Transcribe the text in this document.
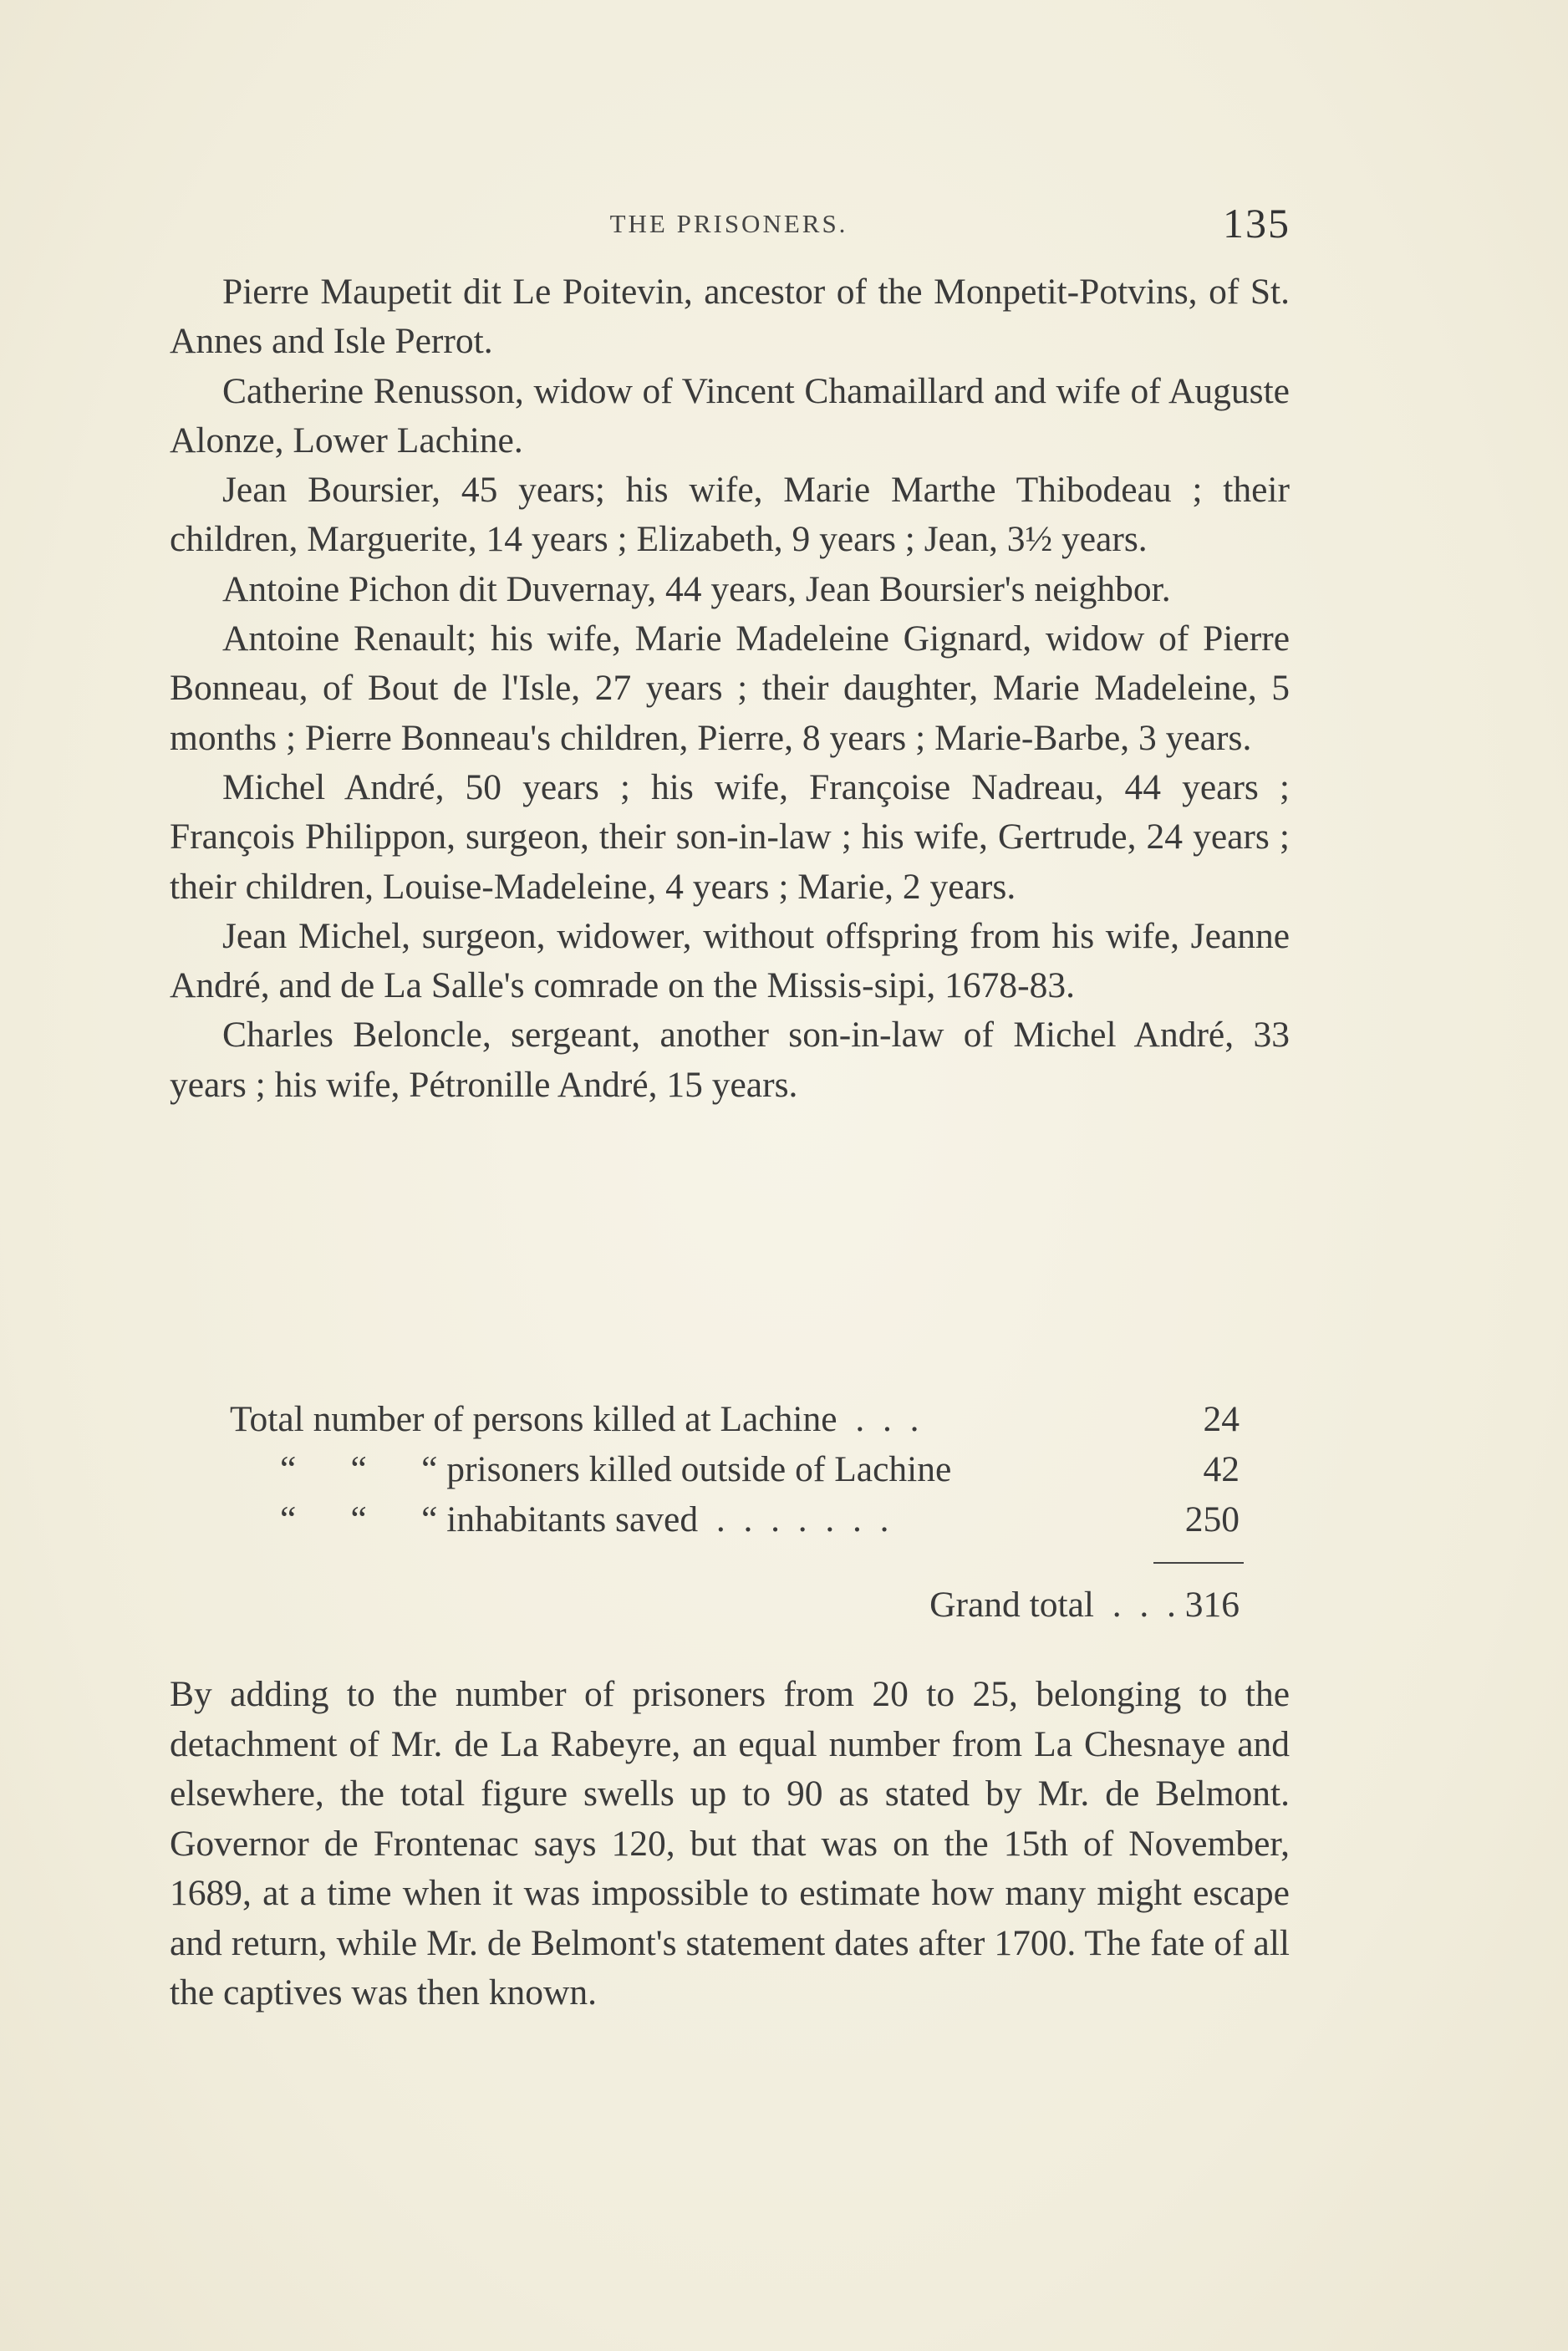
THE PRISONERS.	135

Pierre Maupetit dit Le Poitevin, ancestor of the Monpetit-Potvins, of St. Annes and Isle Perrot.

Catherine Renusson, widow of Vincent Chamaillard and wife of Auguste Alonze, Lower Lachine.

Jean Boursier, 45 years; his wife, Marie Marthe Thibodeau ; their children, Marguerite, 14 years ; Elizabeth, 9 years ; Jean, 3½ years.

Antoine Pichon dit Duvernay, 44 years, Jean Boursier's neighbor.

Antoine Renault; his wife, Marie Madeleine Gignard, widow of Pierre Bonneau, of Bout de l'Isle, 27 years ; their daughter, Marie Madeleine, 5 months ; Pierre Bonneau's children, Pierre, 8 years ; Marie-Barbe, 3 years.

Michel André, 50 years ; his wife, Françoise Nadreau, 44 years ; François Philippon, surgeon, their son-in-law ; his wife, Gertrude, 24 years ; their children, Louise-Madeleine, 4 years ; Marie, 2 years.

Jean Michel, surgeon, widower, without offspring from his wife, Jeanne André, and de La Salle's comrade on the Missis-sipi, 1678-83.

Charles Beloncle, sergeant, another son-in-law of Michel André, 33 years ; his wife, Pétronille André, 15 years.

Total number of persons killed at Lachine  .  .  .	24
“      “      “ prisoners killed outside of Lachine	42
“      “      “ inhabitants saved  .  .  .  .  .  .  .	250
Grand total  .  .  . 316

By adding to the number of prisoners from 20 to 25, belonging to the detachment of Mr. de La Rabeyre, an equal number from La Chesnaye and elsewhere, the total figure swells up to 90 as stated by Mr. de Belmont. Governor de Frontenac says 120, but that was on the 15th of November, 1689, at a time when it was impossible to estimate how many might escape and return, while Mr. de Belmont's statement dates after 1700. The fate of all the captives was then known.
